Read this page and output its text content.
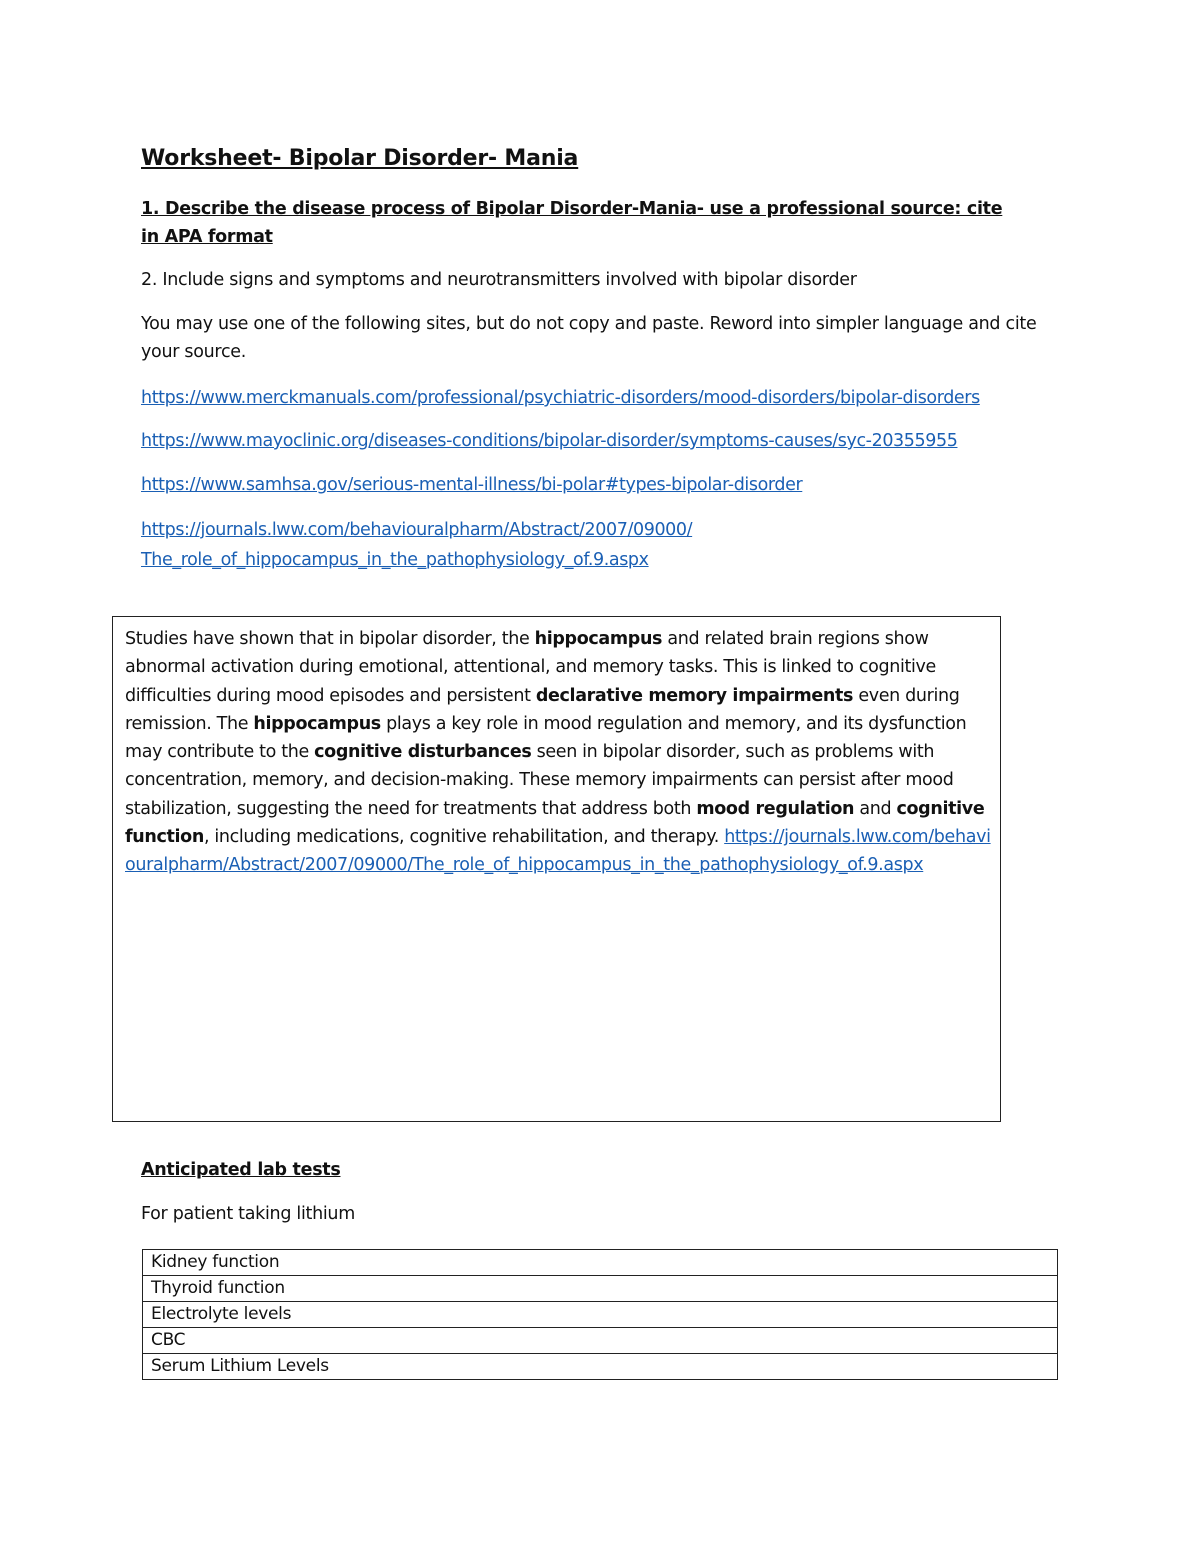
Worksheet- Bipolar Disorder- Mania

1. Describe the disease process of Bipolar Disorder-Mania- use a professional source: cite in APA format

2. Include signs and symptoms and neurotransmitters involved with bipolar disorder

You may use one of the following sites, but do not copy and paste. Reword into simpler language and cite your source.

https://www.merckmanuals.com/professional/psychiatric-disorders/mood-disorders/bipolar-disorders
https://www.mayoclinic.org/diseases-conditions/bipolar-disorder/symptoms-causes/syc-20355955
https://www.samhsa.gov/serious-mental-illness/bi-polar#types-bipolar-disorder
https://journals.lww.com/behaviouralpharm/Abstract/2007/09000/
The_role_of_hippocampus_in_the_pathophysiology_of.9.aspx

Studies have shown that in bipolar disorder, the hippocampus and related brain regions show abnormal activation during emotional, attentional, and memory tasks. This is linked to cognitive difficulties during mood episodes and persistent declarative memory impairments even during remission. The hippocampus plays a key role in mood regulation and memory, and its dysfunction may contribute to the cognitive disturbances seen in bipolar disorder, such as problems with concentration, memory, and decision-making. These memory impairments can persist after mood stabilization, suggesting the need for treatments that address both mood regulation and cognitive function, including medications, cognitive rehabilitation, and therapy. https://journals.lww.com/behaviouralpharm/Abstract/2007/09000/The_role_of_hippocampus_in_the_pathophysiology_of.9.aspx

Anticipated lab tests

For patient taking lithium

Kidney function
Thyroid function
Electrolyte levels
CBC
Serum Lithium Levels
